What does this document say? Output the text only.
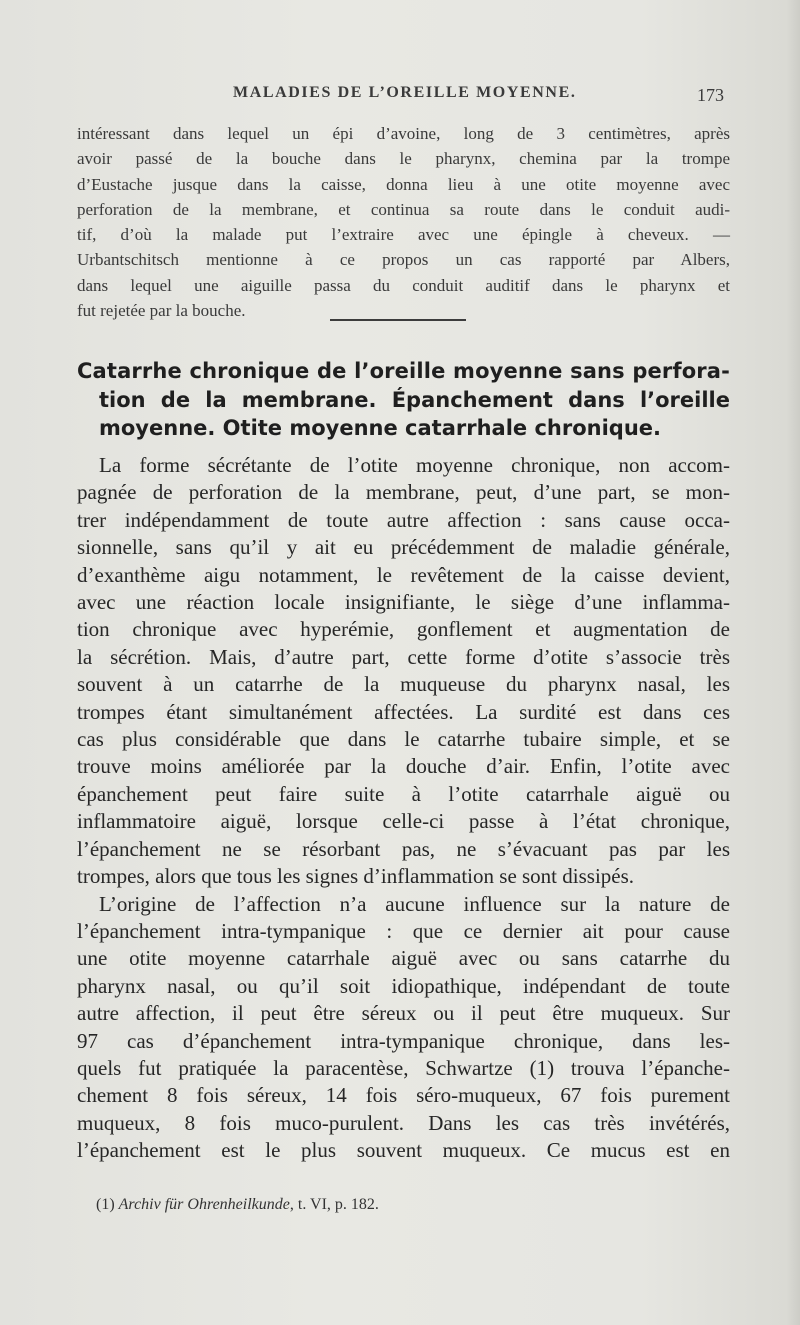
MALADIES DE L’OREILLE MOYENNE.	173
intéressant dans lequel un épi d’avoine, long de 3 centimètres, après
avoir passé de la bouche dans le pharynx, chemina par la trompe
d’Eustache jusque dans la caisse, donna lieu à une otite moyenne avec
perforation de la membrane, et continua sa route dans le conduit audi-
tif, d’où la malade put l’extraire avec une épingle à cheveux. —
Urbantschitsch mentionne à ce propos un cas rapporté par Albers,
dans lequel une aiguille passa du conduit auditif dans le pharynx et
fut rejetée par la bouche.
Catarrhe chronique de l’oreille moyenne sans perfora-
tion de la membrane. Épanchement dans l’oreille
moyenne. Otite moyenne catarrhale chronique.
La forme sécrétante de l’otite moyenne chronique, non accom-
pagnée de perforation de la membrane, peut, d’une part, se mon-
trer indépendamment de toute autre affection : sans cause occa-
sionnelle, sans qu’il y ait eu précédemment de maladie générale,
d’exanthème aigu notamment, le revêtement de la caisse devient,
avec une réaction locale insignifiante, le siège d’une inflamma-
tion chronique avec hyperémie, gonflement et augmentation de
la sécrétion. Mais, d’autre part, cette forme d’otite s’associe très
souvent à un catarrhe de la muqueuse du pharynx nasal, les
trompes étant simultanément affectées. La surdité est dans ces
cas plus considérable que dans le catarrhe tubaire simple, et se
trouve moins améliorée par la douche d’air. Enfin, l’otite avec
épanchement peut faire suite à l’otite catarrhale aiguë ou
inflammatoire aiguë, lorsque celle-ci passe à l’état chronique,
l’épanchement ne se résorbant pas, ne s’évacuant pas par les
trompes, alors que tous les signes d’inflammation se sont dissipés.
L’origine de l’affection n’a aucune influence sur la nature de
l’épanchement intra-tympanique : que ce dernier ait pour cause
une otite moyenne catarrhale aiguë avec ou sans catarrhe du
pharynx nasal, ou qu’il soit idiopathique, indépendant de toute
autre affection, il peut être séreux ou il peut être muqueux. Sur
97 cas d’épanchement intra-tympanique chronique, dans les-
quels fut pratiquée la paracentèse, Schwartze (1) trouva l’épanche-
chement 8 fois séreux, 14 fois séro-muqueux, 67 fois purement
muqueux, 8 fois muco-purulent. Dans les cas très invétérés,
l’épanchement est le plus souvent muqueux. Ce mucus est en
(1) Archiv für Ohrenheilkunde, t. VI, p. 182.
